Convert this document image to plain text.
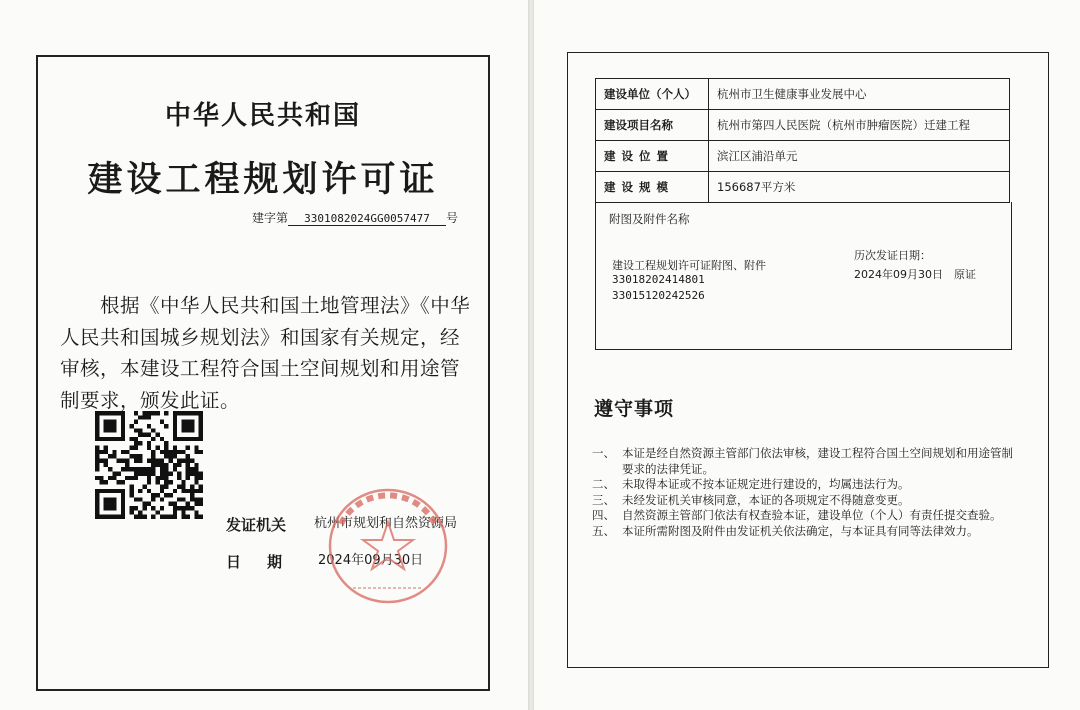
中华人民共和国
建设工程规划许可证
建字第 3301082024GG0057477 号
根据《中华人民共和国土地管理法》《中华人民共和国城乡规划法》和国家有关规定，经审核，本建设工程符合国土空间规划和用途管制要求，颁发此证。
发证机关 杭州市规划和自然资源局
日期 2024年09月30日
建设单位（个人）	杭州市卫生健康事业发展中心
建设项目名称	杭州市第四人民医院（杭州市肿瘤医院）迁建工程
建设位置	滨江区浦沿单元
建设规模	156687平方米
附图及附件名称
建设工程规划许可证附图、附件
33018202414801
33015120242526
历次发证日期：
2024年09月30日　原证
遵守事项
一、 本证是经自然资源主管部门依法审核，建设工程符合国土空间规划和用途管制要求的法律凭证。
二、 未取得本证或不按本证规定进行建设的，均属违法行为。
三、 未经发证机关审核同意，本证的各项规定不得随意变更。
四、 自然资源主管部门依法有权查验本证，建设单位（个人）有责任提交查验。
五、 本证所需附图及附件由发证机关依法确定，与本证具有同等法律效力。
